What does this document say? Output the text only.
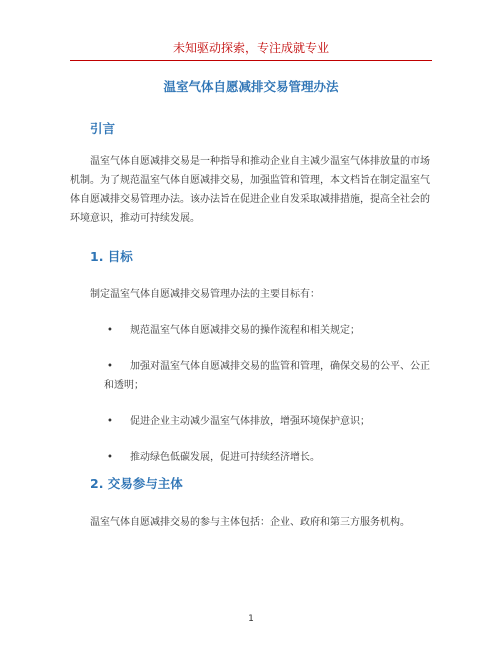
未知驱动探索，专注成就专业
温室气体自愿减排交易管理办法
引言
温室气体自愿减排交易是一种指导和推动企业自主减少温室气体排放量的市场
机制。为了规范温室气体自愿减排交易，加强监管和管理，本文档旨在制定温室气
体自愿减排交易管理办法。该办法旨在促进企业自发采取减排措施，提高全社会的
环境意识，推动可持续发展。
1. 目标
制定温室气体自愿减排交易管理办法的主要目标有：
•	规范温室气体自愿减排交易的操作流程和相关规定；
•	加强对温室气体自愿减排交易的监管和管理，确保交易的公平、公正
和透明；
•	促进企业主动减少温室气体排放，增强环境保护意识；
•	推动绿色低碳发展，促进可持续经济增长。
2. 交易参与主体
温室气体自愿减排交易的参与主体包括：企业、政府和第三方服务机构。
1
